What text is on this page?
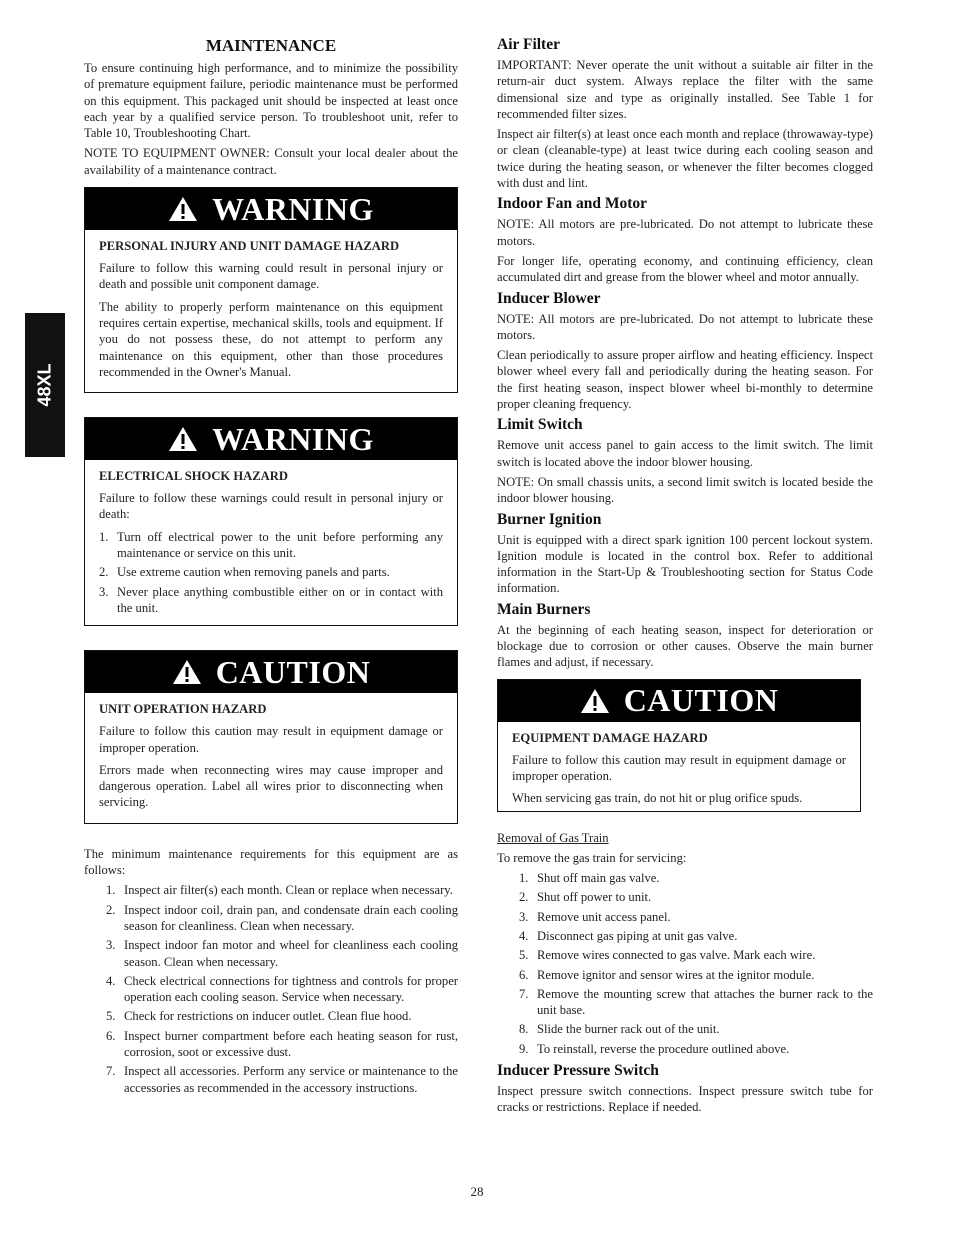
48XL
MAINTENANCE

To ensure continuing high performance, and to minimize the possibility of premature equipment failure, periodic maintenance must be performed on this equipment. This packaged unit should be inspected at least once each year by a qualified service person. To troubleshoot unit, refer to Table 10, Troubleshooting Chart.

NOTE TO EQUIPMENT OWNER: Consult your local dealer about the availability of a maintenance contract.

WARNING
PERSONAL INJURY AND UNIT DAMAGE HAZARD

Failure to follow this warning could result in personal injury or death and possible unit component damage.

The ability to properly perform maintenance on this equipment requires certain expertise, mechanical skills, tools and equipment. If you do not possess these, do not attempt to perform any maintenance on this equipment, other than those procedures recommended in the Owner's Manual.

WARNING
ELECTRICAL SHOCK HAZARD

Failure to follow these warnings could result in personal injury or death:

1. Turn off electrical power to the unit before performing any maintenance or service on this unit.
2. Use extreme caution when removing panels and parts.
3. Never place anything combustible either on or in contact with the unit.
CAUTION
UNIT OPERATION HAZARD

Failure to follow this caution may result in equipment damage or improper operation.

Errors made when reconnecting wires may cause improper and dangerous operation. Label all wires prior to disconnecting when servicing.

The minimum maintenance requirements for this equipment are as follows:

1. Inspect air filter(s) each month. Clean or replace when necessary.
2. Inspect indoor coil, drain pan, and condensate drain each cooling season for cleanliness. Clean when necessary.
3. Inspect indoor fan motor and wheel for cleanliness each cooling season. Clean when necessary.
4. Check electrical connections for tightness and controls for proper operation each cooling season. Service when necessary.
5. Check for restrictions on inducer outlet. Clean flue hood.
6. Inspect burner compartment before each heating season for rust, corrosion, soot or excessive dust.
7. Inspect all accessories. Perform any service or maintenance to the accessories as recommended in the accessory instructions.
Air Filter

IMPORTANT: Never operate the unit without a suitable air filter in the return-air duct system. Always replace the filter with the same dimensional size and type as originally installed. See Table 1 for recommended filter sizes.

Inspect air filter(s) at least once each month and replace (throwaway-type) or clean (cleanable-type) at least twice during each cooling season and twice during the heating season, or whenever the filter becomes clogged with dust and lint.

Indoor Fan and Motor

NOTE: All motors are pre-lubricated. Do not attempt to lubricate these motors.

For longer life, operating economy, and continuing efficiency, clean accumulated dirt and grease from the blower wheel and motor annually.

Inducer Blower

NOTE: All motors are pre-lubricated. Do not attempt to lubricate these motors.

Clean periodically to assure proper airflow and heating efficiency. Inspect blower wheel every fall and periodically during the heating season. For the first heating season, inspect blower wheel bi-monthly to determine proper cleaning frequency.

Limit Switch

Remove unit access panel to gain access to the limit switch. The limit switch is located above the indoor blower housing.

NOTE: On small chassis units, a second limit switch is located beside the indoor blower housing.

Burner Ignition

Unit is equipped with a direct spark ignition 100 percent lockout system. Ignition module is located in the control box. Refer to additional information in the Start-Up & Troubleshooting section for Status Code information.

Main Burners

At the beginning of each heating season, inspect for deterioration or blockage due to corrosion or other causes. Observe the main burner flames and adjust, if necessary.

CAUTION
EQUIPMENT DAMAGE HAZARD

Failure to follow this caution may result in equipment damage or improper operation.

When servicing gas train, do not hit or plug orifice spuds.

Removal of Gas Train

To remove the gas train for servicing:

1. Shut off main gas valve.
2. Shut off power to unit.
3. Remove unit access panel.
4. Disconnect gas piping at unit gas valve.
5. Remove wires connected to gas valve. Mark each wire.
6. Remove ignitor and sensor wires at the ignitor module.
7. Remove the mounting screw that attaches the burner rack to the unit base.
8. Slide the burner rack out of the unit.
9. To reinstall, reverse the procedure outlined above.
Inducer Pressure Switch

Inspect pressure switch connections. Inspect pressure switch tube for cracks or restrictions. Replace if needed.

28
